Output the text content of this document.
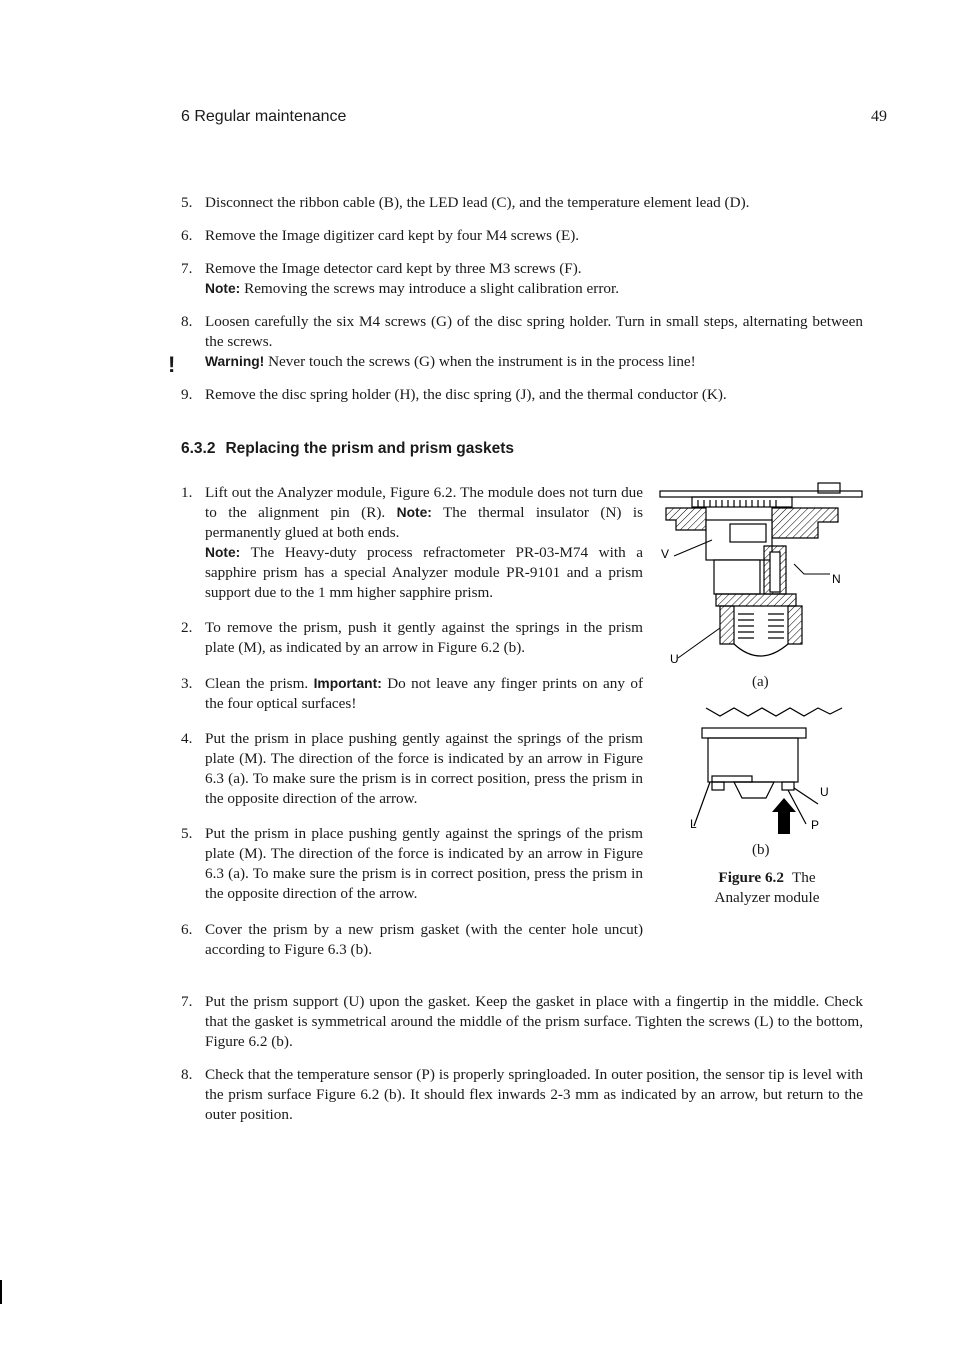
6 Regular maintenance	49
5. Disconnect the ribbon cable (B), the LED lead (C), and the temperature element lead (D).
6. Remove the Image digitizer card kept by four M4 screws (E).
7. Remove the Image detector card kept by three M3 screws (F).
Note: Removing the screws may introduce a slight calibration error.
8. Loosen carefully the six M4 screws (G) of the disc spring holder. Turn in small steps, alternating between the screws.
Warning! Never touch the screws (G) when the instrument is in the process line!
!
9. Remove the disc spring holder (H), the disc spring (J), and the thermal conductor (K).
6.3.2 Replacing the prism and prism gaskets
1. Lift out the Analyzer module, Figure 6.2. The module does not turn due to the alignment pin (R). Note: The thermal insulator (N) is permanently glued at both ends.
Note: The Heavy-duty process refractometer PR-03-M74 with a sapphire prism has a special Analyzer module PR-9101 and a prism support due to the 1 mm higher sapphire prism.
2. To remove the prism, push it gently against the springs in the prism plate (M), as indicated by an arrow in Figure 6.2 (b).
3. Clean the prism. Important: Do not leave any finger prints on any of the four optical surfaces!
4. Put the prism in place pushing gently against the springs of the prism plate (M). The direction of the force is indicated by an arrow in Figure 6.3 (a). To make sure the prism is in correct position, press the prism in the opposite direction of the arrow.
5. Put the prism in place pushing gently against the springs of the prism plate (M). The direction of the force is indicated by an arrow in Figure 6.3 (a). To make sure the prism is in correct position, press the prism in the opposite direction of the arrow.
6. Cover the prism by a new prism gasket (with the center hole uncut) according to Figure 6.3 (b).
7. Put the prism support (U) upon the gasket. Keep the gasket in place with a fingertip in the middle. Check that the gasket is symmetrical around the middle of the prism surface. Tighten the screws (L) to the bottom, Figure 6.2 (b).
8. Check that the temperature sensor (P) is properly springloaded. In outer position, the sensor tip is level with the prism surface Figure 6.2 (b). It should flex inwards 2-3 mm as indicated by an arrow, but return to the outer position.
V
N
U
U
L	P
(a)
(b)
Figure 6.2 The Analyzer module
